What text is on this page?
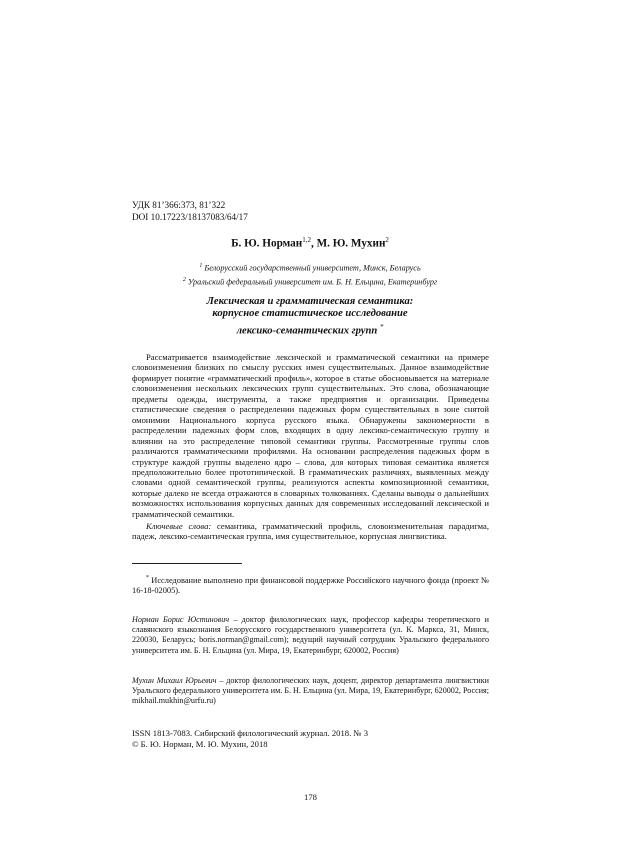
УДК 81’366:373, 81’322
DOI 10.17223/18137083/64/17
Б. Ю. Норман$^{1,2}$, М. Ю. Мухин$^2$
$^1$ Белорусский государственный университет, Минск, Беларусь
$^2$ Уральский федеральный университет им. Б. Н. Ельцина, Екатеринбург
Лексическая и грамматическая семантика:
корпусное статистическое исследование
лексико-семантических групп *
Рассматривается взаимодействие лексической и грамматической семантики на примере словоизменения близких по смыслу русских имен существительных. Данное взаимодействие формирует понятие «грамматический профиль», которое в статье обосновывается на материале словоизменения нескольких лексических групп существительных. Это слова, обозначающие предметы одежды, инструменты, а также предприятия и организации. Приведены статистические сведения о распределении падежных форм существительных в зоне снятой омонимии Национального корпуса русского языка. Обнаружены закономерности в распределении падежных форм слов, входящих в одну лексико-семантическую группу и влиянии на это распределение типовой семантики группы. Рассмотренные группы слов различаются грамматическими профилями. На основании распределения падежных форм в структуре каждой группы выделено ядро – слова, для которых типовая семантика является предположительно более прототипической. В грамматических различиях, выявленных между словами одной семантической группы, реализуются аспекты композиционной семантики, которые далеко не всегда отражаются в словарных толкованиях. Сделаны выводы о дальнейших возможностях использования корпусных данных для современных исследований лексической и грамматической семантики.
Ключевые слова: семантика, грамматический профиль, словоизменительная парадигма, падеж, лексико-семантическая группа, имя существительное, корпусная лингвистика.
* Исследование выполнено при финансовой поддержке Российского научного фонда (проект № 16-18-02005).
Норман Борис Юстинович – доктор филологических наук, профессор кафедры теоретического и славянского языкознания Белорусского государственного университета (ул. К. Маркса, 31, Минск, 220030, Беларусь; boris.norman@gmail.com); ведущий научный сотрудник Уральского федерального университета им. Б. Н. Ельцина (ул. Мира, 19, Екатеринбург, 620002, Россия)
Мухин Михаил Юрьевич – доктор филологических наук, доцент, директор департамента лингвистики Уральского федерального университета им. Б. Н. Ельцина (ул. Мира, 19, Екатеринбург, 620002, Россия; mikhail.mukhin@urfu.ru)
ISSN 1813-7083. Сибирский филологический журнал. 2018. № 3
© Б. Ю. Норман, М. Ю. Мухин, 2018
178
